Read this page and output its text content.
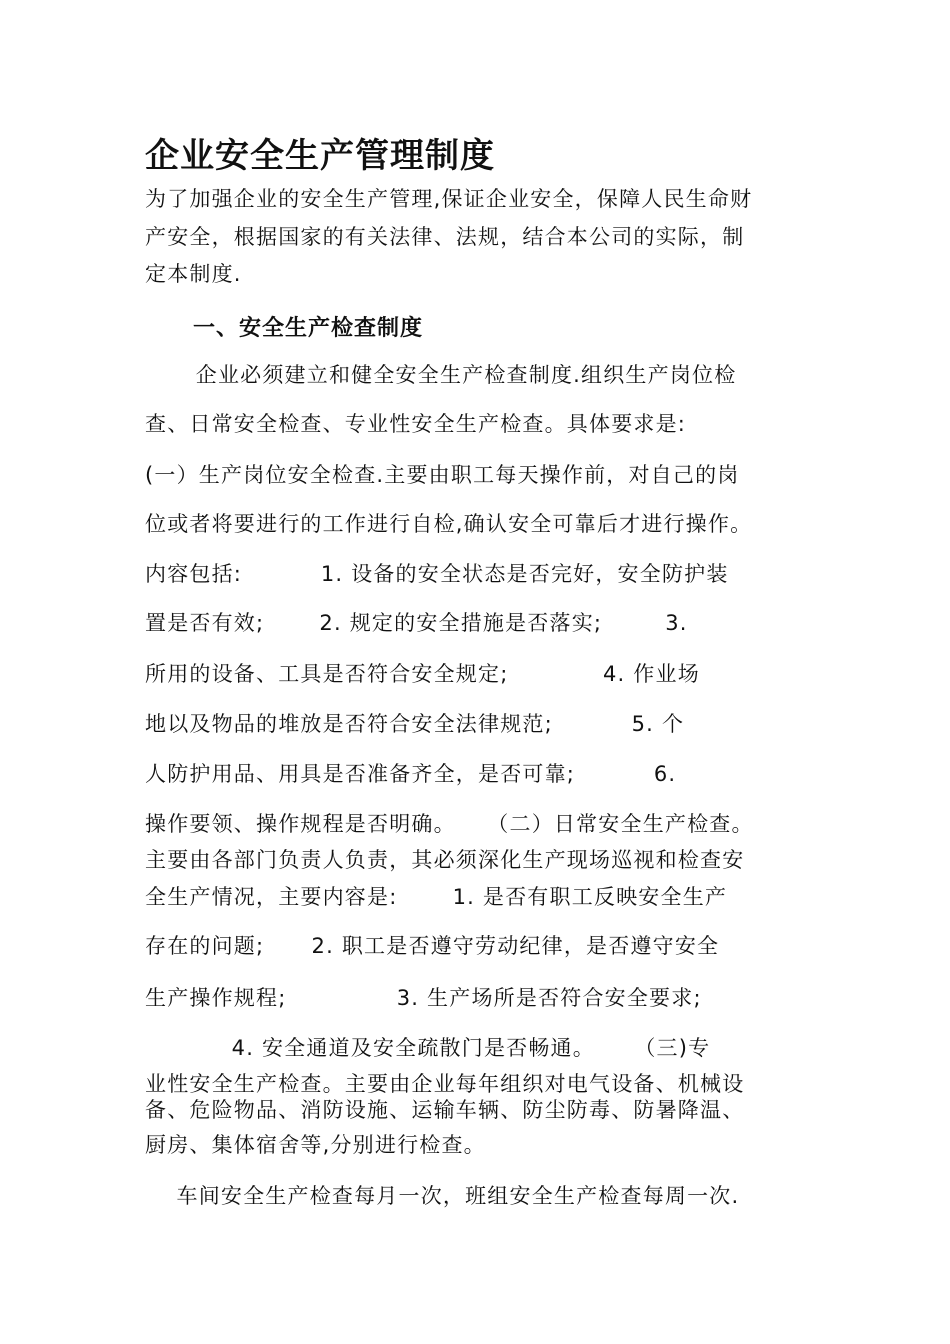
企业安全生产管理制度
为了加强企业的安全生产管理,保证企业安全，保障人民生命财
产安全，根据国家的有关法律、法规，结合本公司的实际，制
定本制度.
一、安全生产检查制度
企业必须建立和健全安全生产检查制度.组织生产岗位检
查、日常安全检查、专业性安全生产检查。具体要求是:
(一）生产岗位安全检查.主要由职工每天操作前，对自己的岗
位或者将要进行的工作进行自检,确认安全可靠后才进行操作。
内容包括:          1. 设备的安全状态是否完好，安全防护装
置是否有效;       2. 规定的安全措施是否落实;        3.
所用的设备、工具是否符合安全规定;            4. 作业场
地以及物品的堆放是否符合安全法律规范;          5. 个
人防护用品、用具是否准备齐全，是否可靠;          6.
操作要领、操作规程是否明确。    （二）日常安全生产检查。
主要由各部门负责人负责，其必须深化生产现场巡视和检查安
全生产情况，主要内容是:       1. 是否有职工反映安全生产
存在的问题;      2. 职工是否遵守劳动纪律，是否遵守安全
生产操作规程;              3. 生产场所是否符合安全要求;
4. 安全通道及安全疏散门是否畅通。     （三)专
业性安全生产检查。主要由企业每年组织对电气设备、机械设
备、危险物品、消防设施、运输车辆、防尘防毒、防暑降温、
厨房、集体宿舍等,分别进行检查。
车间安全生产检查每月一次，班组安全生产检查每周一次.
